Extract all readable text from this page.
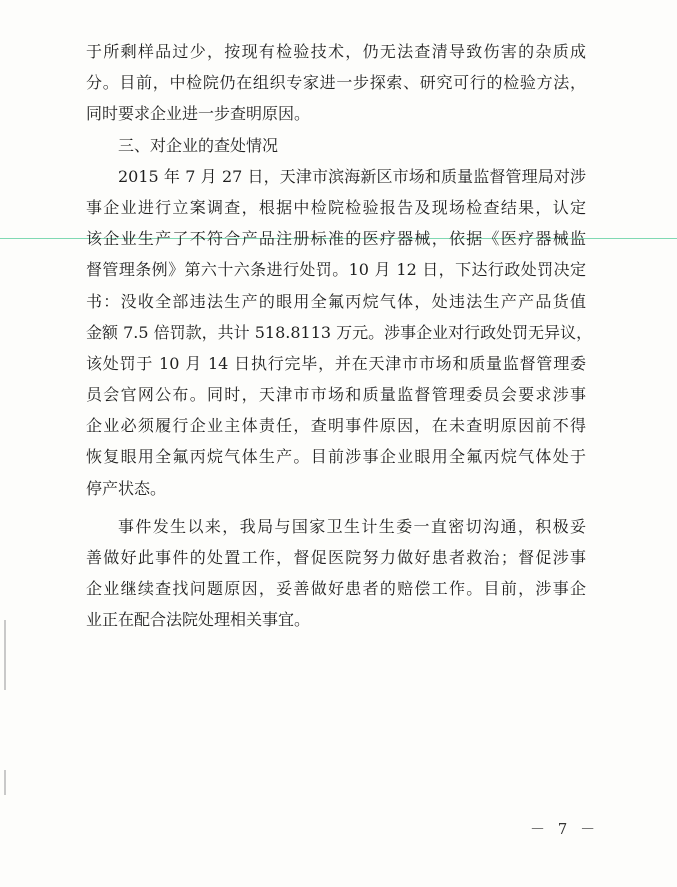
于所剩样品过少，按现有检验技术，仍无法查清导致伤害的杂质成
分。目前，中检院仍在组织专家进一步探索、研究可行的检验方法，
同时要求企业进一步查明原因。
三、对企业的查处情况
2015 年 7 月 27 日，天津市滨海新区市场和质量监督管理局对涉
事企业进行立案调查，根据中检院检验报告及现场检查结果，认定
该企业生产了不符合产品注册标准的医疗器械，依据《医疗器械监
督管理条例》第六十六条进行处罚。10 月 12 日，下达行政处罚决定
书：没收全部违法生产的眼用全氟丙烷气体，处违法生产产品货值
金额 7.5 倍罚款，共计 518.8113 万元。涉事企业对行政处罚无异议，
该处罚于 10 月 14 日执行完毕，并在天津市市场和质量监督管理委
员会官网公布。同时，天津市市场和质量监督管理委员会要求涉事
企业必须履行企业主体责任，查明事件原因，在未查明原因前不得
恢复眼用全氟丙烷气体生产。目前涉事企业眼用全氟丙烷气体处于
停产状态。
事件发生以来，我局与国家卫生计生委一直密切沟通，积极妥
善做好此事件的处置工作，督促医院努力做好患者救治；督促涉事
企业继续查找问题原因，妥善做好患者的赔偿工作。目前，涉事企
业正在配合法院处理相关事宜。
－ 7 －
